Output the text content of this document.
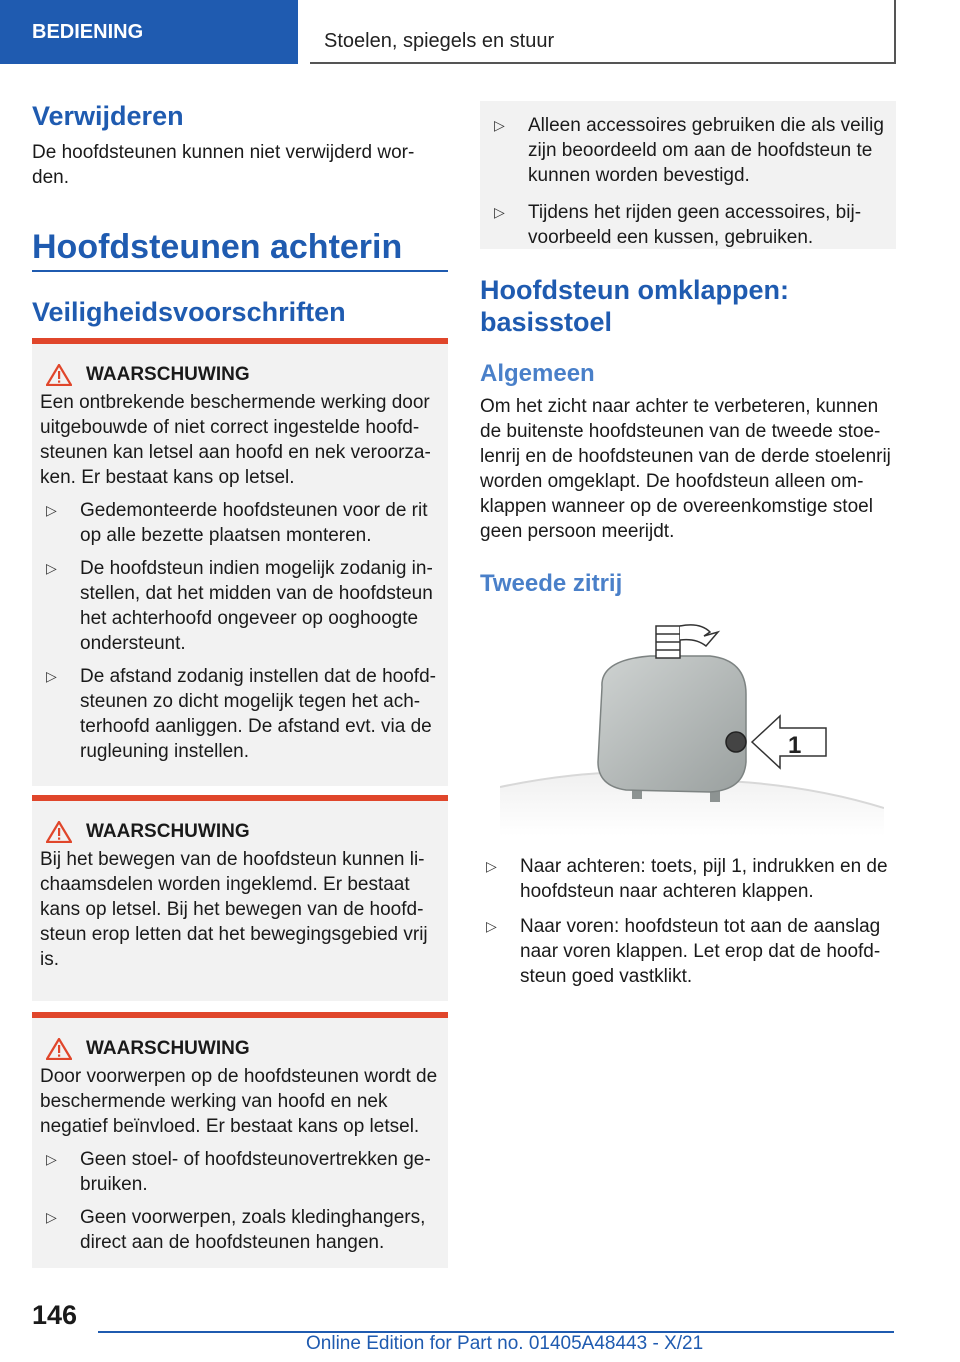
BEDIENING	Stoelen, spiegels en stuur
Verwijderen

De hoofdsteunen kunnen niet verwijderd wor-den.

Hoofdsteunen achterin
Veiligheidsvoorschriften
WAARSCHUWING

Een ontbrekende beschermende werking door uitgebouwde of niet correct ingestelde hoofd-steunen kan letsel aan hoofd en nek veroorza-ken. Er bestaat kans op letsel.

▷	Gedemonteerde hoofdsteunen voor de rit op alle bezette plaatsen monteren.

▷	De hoofdsteun indien mogelijk zodanig in-stellen, dat het midden van de hoofdsteun het achterhoofd ongeveer op ooghoogte ondersteunt.

▷	De afstand zodanig instellen dat de hoofd-steunen zo dicht mogelijk tegen het ach-terhoofd aanliggen. De afstand evt. via de rugleuning instellen.

WAARSCHUWING

Bij het bewegen van de hoofdsteun kunnen li-chaamsdelen worden ingeklemd. Er bestaat kans op letsel. Bij het bewegen van de hoofd-steun erop letten dat het bewegingsgebied vrij is.

WAARSCHUWING

Door voorwerpen op de hoofdsteunen wordt de beschermende werking van hoofd en nek negatief beïnvloed. Er bestaat kans op letsel.

▷	Geen stoel- of hoofdsteunovertrekken ge-bruiken.

▷	Geen voorwerpen, zoals kledinghangers, direct aan de hoofdsteunen hangen.

▷	Alleen accessoires gebruiken die als veilig zijn beoordeeld om aan de hoofdsteun te kunnen worden bevestigd.

▷	Tijdens het rijden geen accessoires, bij-voorbeeld een kussen, gebruiken.

Hoofdsteun omklappen: basisstoel
Algemeen

Om het zicht naar achter te verbeteren, kunnen de buitenste hoofdsteunen van de tweede stoe-lenrij en de hoofdsteunen van de derde stoelenrij worden omgeklapt. De hoofdsteun alleen om-klappen wanneer op de overeenkomstige stoel geen persoon meerijdt.

Tweede zitrij
1
▷	Naar achteren: toets, pijl 1, indrukken en de hoofdsteun naar achteren klappen.

▷	Naar voren: hoofdsteun tot aan de aanslag naar voren klappen. Let erop dat de hoofd-steun goed vastklikt.

146
Online Edition for Part no. 01405A48443 - X/21
